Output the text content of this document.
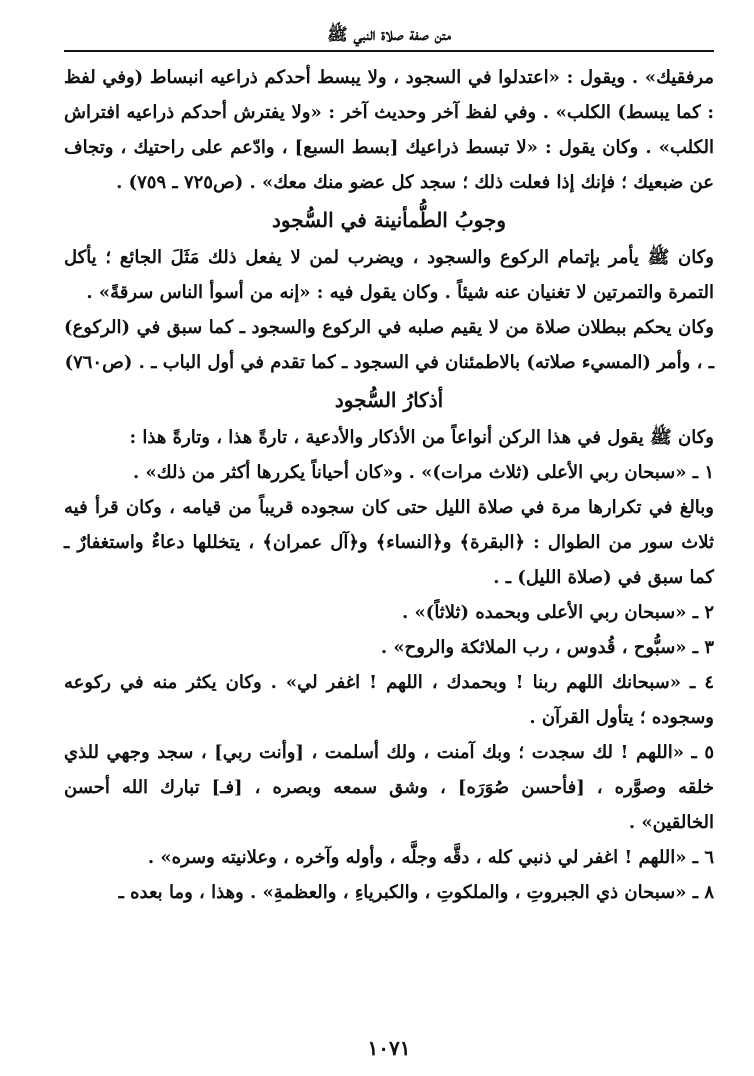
متن صفة صلاة النبي ﷺ

مرفقيك» . ويقول : «اعتدلوا في السجود ، ولا يبسط أحدكم ذراعيه انبساط (وفي لفظ : كما يبسط) الكلب» . وفي لفظ آخر وحديث آخر : «ولا يفترش أحدكم ذراعيه افتراش الكلب» . وكان يقول : «لا تبسط ذراعيك [بسط السبع] ، وادّعم على راحتيك ، وتجاف عن ضبعيك ؛ فإنك إذا فعلت ذلك ؛ سجد كل عضو منك معك» . (ص٧٢٥ ـ ٧٥٩) .

وجوبُ الطُّمأنينة في السُّجود

وكان ﷺ يأمر بإتمام الركوع والسجود ، ويضرب لمن لا يفعل ذلك مَثَلَ الجائع ؛ يأكل التمرة والتمرتين لا تغنيان عنه شيئاً . وكان يقول فيه : «إنه من أسوأ الناس سرقةً» .

وكان يحكم ببطلان صلاة من لا يقيم صلبه في الركوع والسجود ـ كما سبق في (الركوع) ـ ، وأمر (المسيء صلاته) بالاطمئنان في السجود ـ كما تقدم في أول الباب ـ . (ص٧٦٠)

أذكارُ السُّجود

وكان ﷺ يقول في هذا الركن أنواعاً من الأذكار والأدعية ، تارةً هذا ، وتارةً هذا :

١ ـ «سبحان ربي الأعلى (ثلاث مرات)» . و«كان أحياناً يكررها أكثر من ذلك» .

وبالغ في تكرارها مرة في صلاة الليل حتى كان سجوده قريباً من قيامه ، وكان قرأ فيه ثلاث سور من الطوال : ﴿البقرة﴾ و﴿النساء﴾ و﴿آل عمران﴾ ، يتخللها دعاءٌ واستغفارٌ ـ كما سبق في (صلاة الليل) ـ .

٢ ـ «سبحان ربي الأعلى وبحمده (ثلاثاً)» .

٣ ـ «سبُّوح ، قُدوس ، رب الملائكة والروح» .

٤ ـ «سبحانك اللهم ربنا ! وبحمدك ، اللهم ! اغفر لي» . وكان يكثر منه في ركوعه وسجوده ؛ يتأول القرآن .

٥ ـ «اللهم ! لك سجدت ؛ وبك آمنت ، ولك أسلمت ، [وأنت ربي] ، سجد وجهي للذي خلقه وصوَّره ، [فأحسن صُوَرَه] ، وشق سمعه وبصره ، [فـ] تبارك الله أحسن الخالقين» .

٦ ـ «اللهم ! اغفر لي ذنبي كله ، دقَّه وجلَّه ، وأوله وآخره ، وعلانيته وسره» .

٨ ـ «سبحان ذي الجبروتِ ، والملكوتِ ، والكبرياءِ ، والعظمةِ» . وهذا ، وما بعده ـ

١٠٧١
